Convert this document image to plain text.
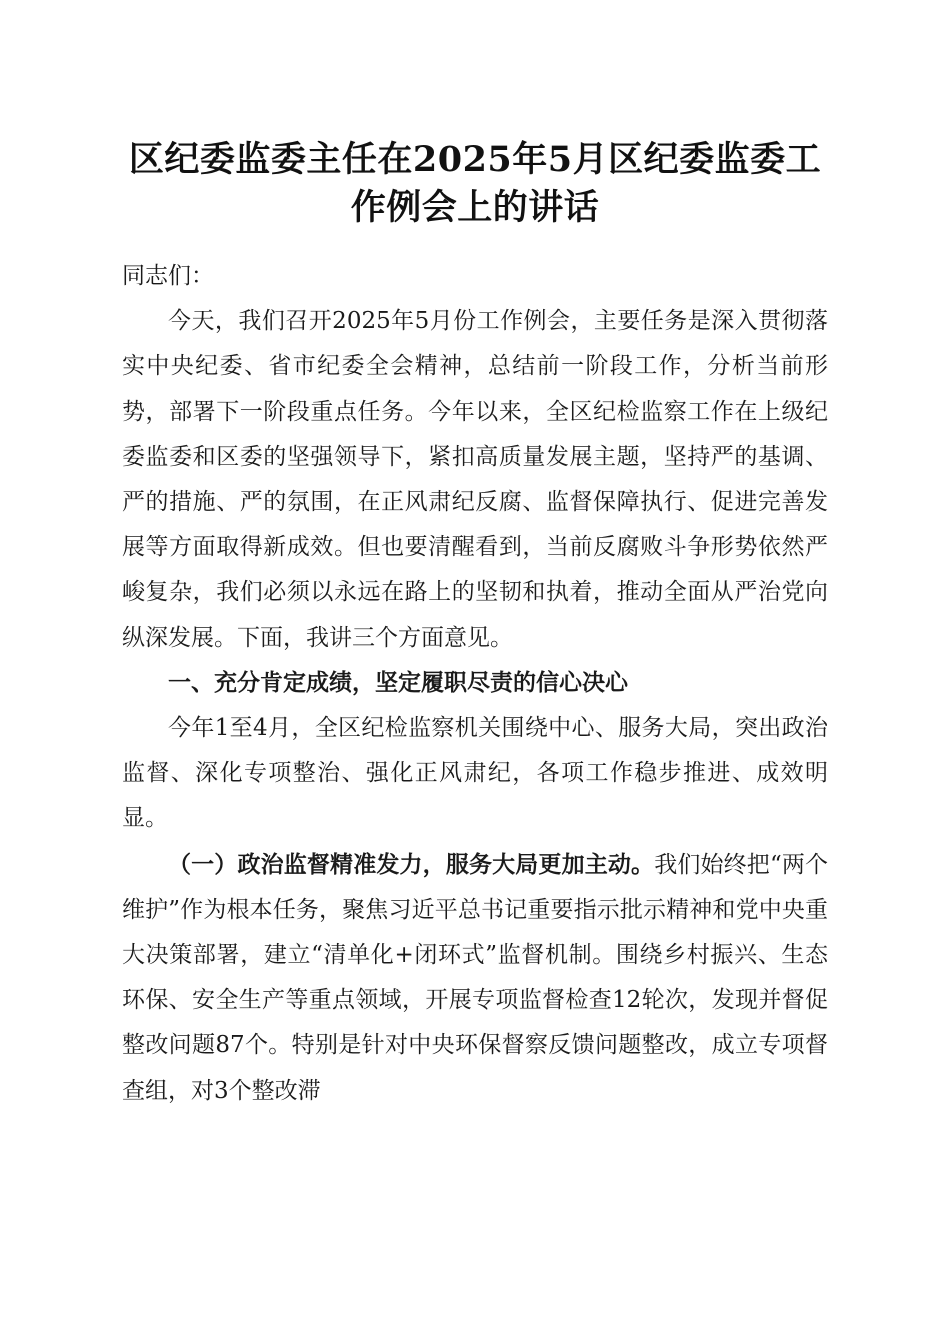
区纪委监委主任在2025年5月区纪委监委工
作例会上的讲话

同志们：

今天，我们召开2025年5月份工作例会，主要任务是深入贯彻落实中央纪委、省市纪委全会精神，总结前一阶段工作，分析当前形势，部署下一阶段重点任务。今年以来，全区纪检监察工作在上级纪委监委和区委的坚强领导下，紧扣高质量发展主题，坚持严的基调、严的措施、严的氛围，在正风肃纪反腐、监督保障执行、促进完善发展等方面取得新成效。但也要清醒看到，当前反腐败斗争形势依然严峻复杂，我们必须以永远在路上的坚韧和执着，推动全面从严治党向纵深发展。下面，我讲三个方面意见。

一、充分肯定成绩，坚定履职尽责的信心决心

今年1至4月，全区纪检监察机关围绕中心、服务大局，突出政治监督、深化专项整治、强化正风肃纪，各项工作稳步推进、成效明显。

（一）政治监督精准发力，服务大局更加主动。我们始终把“两个维护”作为根本任务，聚焦习近平总书记重要指示批示精神和党中央重大决策部署，建立“清单化+闭环式”监督机制。围绕乡村振兴、生态环保、安全生产等重点领域，开展专项监督检查12轮次，发现并督促整改问题87个。特别是针对中央环保督察反馈问题整改，成立专项督查组，对3个整改滞
